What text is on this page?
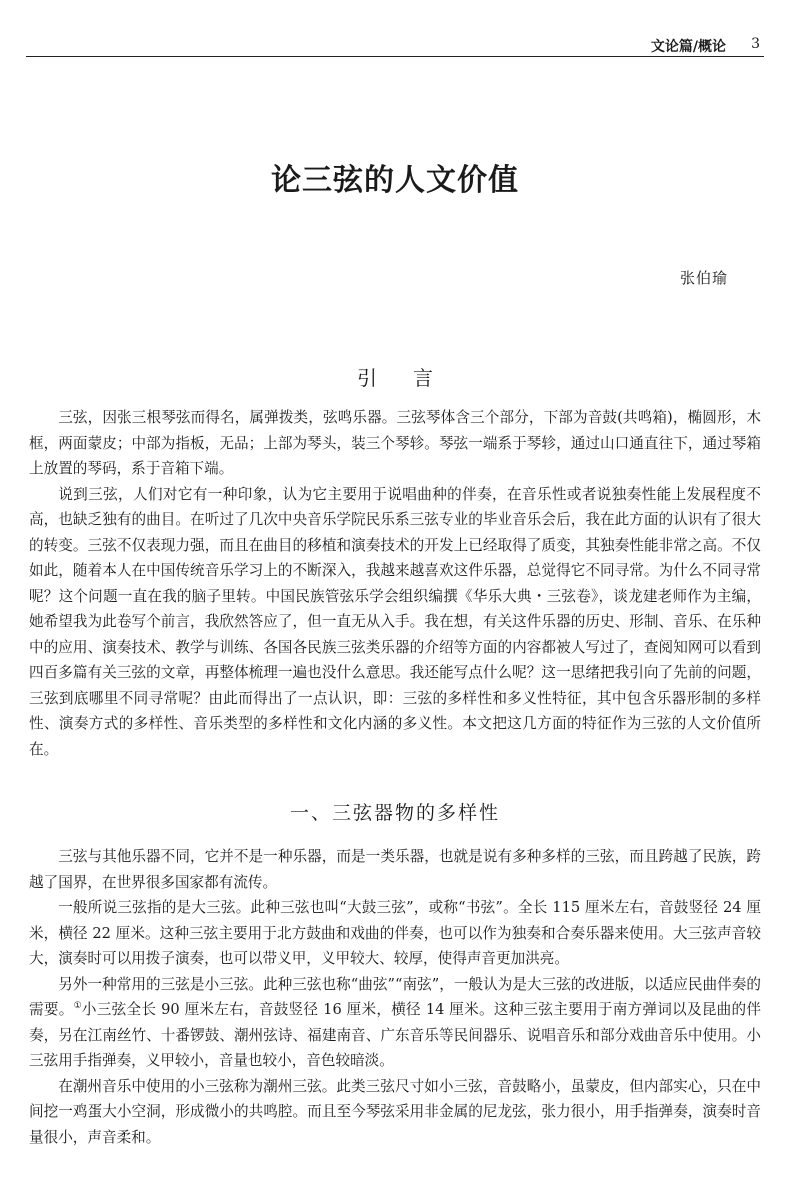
文论篇/概论 3
论三弦的人文价值
张伯瑜
引言

三弦，因张三根琴弦而得名，属弹拨类，弦鸣乐器。三弦琴体含三个部分，下部为音鼓(共鸣箱)，椭圆形，木框，两面蒙皮；中部为指板，无品；上部为琴头，装三个琴轸。琴弦一端系于琴轸，通过山口通直往下，通过琴箱上放置的琴码，系于音箱下端。

说到三弦，人们对它有一种印象，认为它主要用于说唱曲种的伴奏，在音乐性或者说独奏性能上发展程度不高，也缺乏独有的曲目。在听过了几次中央音乐学院民乐系三弦专业的毕业音乐会后，我在此方面的认识有了很大的转变。三弦不仅表现力强，而且在曲目的移植和演奏技术的开发上已经取得了质变，其独奏性能非常之高。不仅如此，随着本人在中国传统音乐学习上的不断深入，我越来越喜欢这件乐器，总觉得它不同寻常。为什么不同寻常呢？这个问题一直在我的脑子里转。中国民族管弦乐学会组织编撰《华乐大典・三弦卷》，谈龙建老师作为主编，她希望我为此卷写个前言，我欣然答应了，但一直无从入手。我在想，有关这件乐器的历史、形制、音乐、在乐种中的应用、演奏技术、教学与训练、各国各民族三弦类乐器的介绍等方面的内容都被人写过了，查阅知网可以看到四百多篇有关三弦的文章，再整体梳理一遍也没什么意思。我还能写点什么呢？这一思绪把我引向了先前的问题，三弦到底哪里不同寻常呢？由此而得出了一点认识，即：三弦的多样性和多义性特征，其中包含乐器形制的多样性、演奏方式的多样性、音乐类型的多样性和文化内涵的多义性。本文把这几方面的特征作为三弦的人文价值所在。

一、三弦器物的多样性

三弦与其他乐器不同，它并不是一种乐器，而是一类乐器，也就是说有多种多样的三弦，而且跨越了民族，跨越了国界，在世界很多国家都有流传。

一般所说三弦指的是大三弦。此种三弦也叫“大鼓三弦”，或称“书弦”。全长 115 厘米左右，音鼓竖径 24 厘米，横径 22 厘米。这种三弦主要用于北方鼓曲和戏曲的伴奏，也可以作为独奏和合奏乐器来使用。大三弦声音较大，演奏时可以用拨子演奏，也可以带义甲，义甲较大、较厚，使得声音更加洪亮。

另外一种常用的三弦是小三弦。此种三弦也称“曲弦”“南弦”，一般认为是大三弦的改进版，以适应民曲伴奏的需要。①小三弦全长 90 厘米左右，音鼓竖径 16 厘米，横径 14 厘米。这种三弦主要用于南方弹词以及昆曲的伴奏，另在江南丝竹、十番锣鼓、潮州弦诗、福建南音、广东音乐等民间器乐、说唱音乐和部分戏曲音乐中使用。小三弦用手指弹奏，义甲较小，音量也较小，音色较暗淡。

在潮州音乐中使用的小三弦称为潮州三弦。此类三弦尺寸如小三弦，音鼓略小，虽蒙皮，但内部实心，只在中间挖一鸡蛋大小空洞，形成微小的共鸣腔。而且至今琴弦采用非金属的尼龙弦，张力很小，用手指弹奏，演奏时音量很小，声音柔和。
